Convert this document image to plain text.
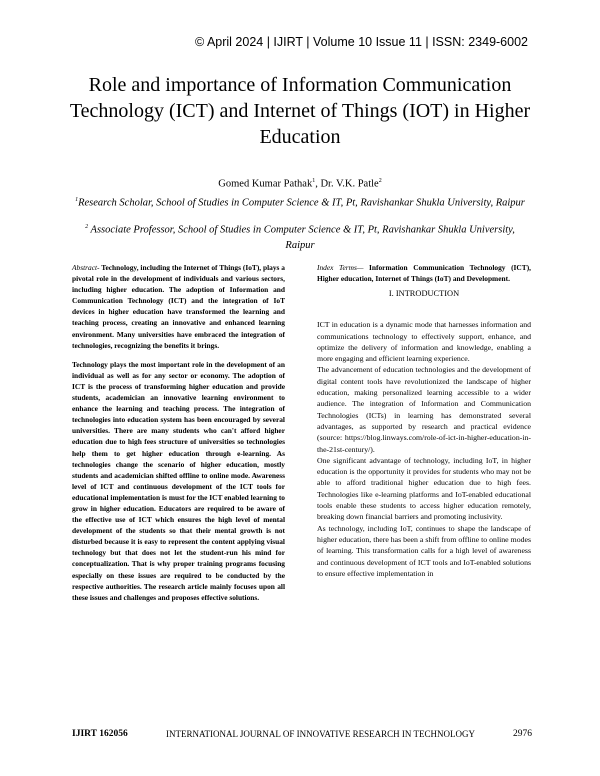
© April 2024 | IJIRT | Volume 10 Issue 11 | ISSN: 2349-6002
Role and importance of Information Communication Technology (ICT) and Internet of Things (IOT) in Higher Education
Gomed Kumar Pathak$^1$, Dr. V.K. Patle$^2$
$^1$Research Scholar, School of Studies in Computer Science & IT, Pt, Ravishankar Shukla University, Raipur
$^2$ Associate Professor, School of Studies in Computer Science & IT, Pt, Ravishankar Shukla University, Raipur

Abstract- Technology, including the Internet of Things (IoT), plays a pivotal role in the development of individuals and various sectors, including higher education. The adoption of Information and Communication Technology (ICT) and the integration of IoT devices in higher education have transformed the learning and teaching process, creating an innovative and enhanced learning environment. Many universities have embraced the integration of technologies, recognizing the benefits it brings.

Technology plays the most important role in the development of an individual as well as for any sector or economy. The adoption of ICT is the process of transforming higher education and provide students, academician an innovative learning environment to enhance the learning and teaching process. The integration of technologies into education system has been encouraged by several universities. There are many students who can't afford higher education due to high fees structure of universities so technologies help them to get higher education through e-learning. As technologies change the scenario of higher education, mostly students and academician shifted offline to online mode. Awareness level of ICT and continuous development of the ICT tools for educational implementation is must for the ICT enabled learning to grow in higher education. Educators are required to be aware of the effective use of ICT which ensures the high level of mental development of the students so that their mental growth is not disturbed because it is easy to represent the content applying visual technology but that does not let the student-run his mind for conceptualization. That is why proper training programs focusing especially on these issues are required to be conducted by the respective authorities. The research article mainly focuses upon all these issues and challenges and proposes effective solutions.

Index Terms— Information Communication Technology (ICT), Higher education, Internet of Things (IoT) and Development.

I. INTRODUCTION

ICT in education is a dynamic mode that harnesses information and communications technology to effectively support, enhance, and optimize the delivery of information and knowledge, enabling a more engaging and efficient learning experience.

The advancement of education technologies and the development of digital content tools have revolutionized the landscape of higher education, making personalized learning accessible to a wider audience. The integration of Information and Communication Technologies (ICTs) in learning has demonstrated several advantages, as supported by research and practical evidence (source: https://blog.linways.com/role-of-ict-in-higher-education-in-the-21st-century/).

One significant advantage of technology, including IoT, in higher education is the opportunity it provides for students who may not be able to afford traditional higher education due to high fees. Technologies like e-learning platforms and IoT-enabled educational tools enable these students to access higher education remotely, breaking down financial barriers and promoting inclusivity.

As technology, including IoT, continues to shape the landscape of higher education, there has been a shift from offline to online modes of learning. This transformation calls for a high level of awareness and continuous development of ICT tools and IoT-enabled solutions to ensure effective implementation in

IJIRT 162056	INTERNATIONAL JOURNAL OF INNOVATIVE RESEARCH IN TECHNOLOGY	2976
